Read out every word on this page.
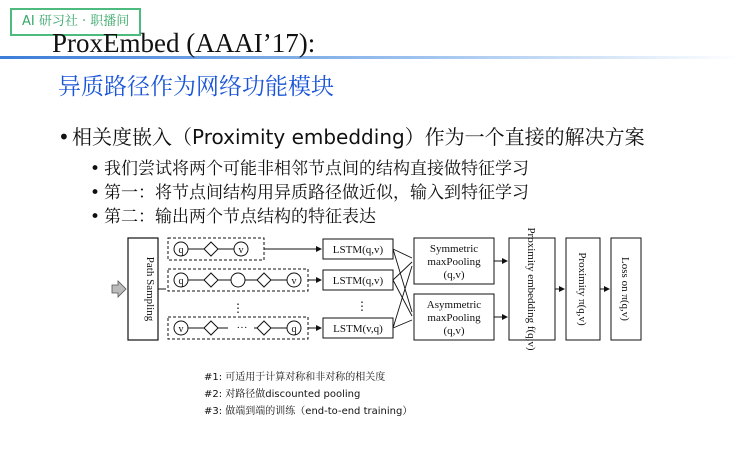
AI 研习社 · 职播间
ProxEmbed (AAAI’17):
异质路径作为网络功能模块
• 相关度嵌入（Proximity embedding）作为一个直接的解决方案
• 我们尝试将两个可能非相邻节点间的结构直接做特征学习
• 第一：将节点间结构用异质路径做近似，输入到特征学习
• 第二：输出两个节点结构的特征表达
Path Sampling
q	v
q	v
⋮
v	···	q
LSTM(q,v)
LSTM(q,v)
⋮
LSTM(v,q)
Symmetric
maxPooling
(q,v)
Asymmetric
maxPooling
(q,v)	Proximity embedding f(q,v)	Proximity π(q,v)	Loss on π(q,v)
#1: 可适用于计算对称和非对称的相关度
#2: 对路径做discounted pooling
#3: 做端到端的训练（end-to-end training）
